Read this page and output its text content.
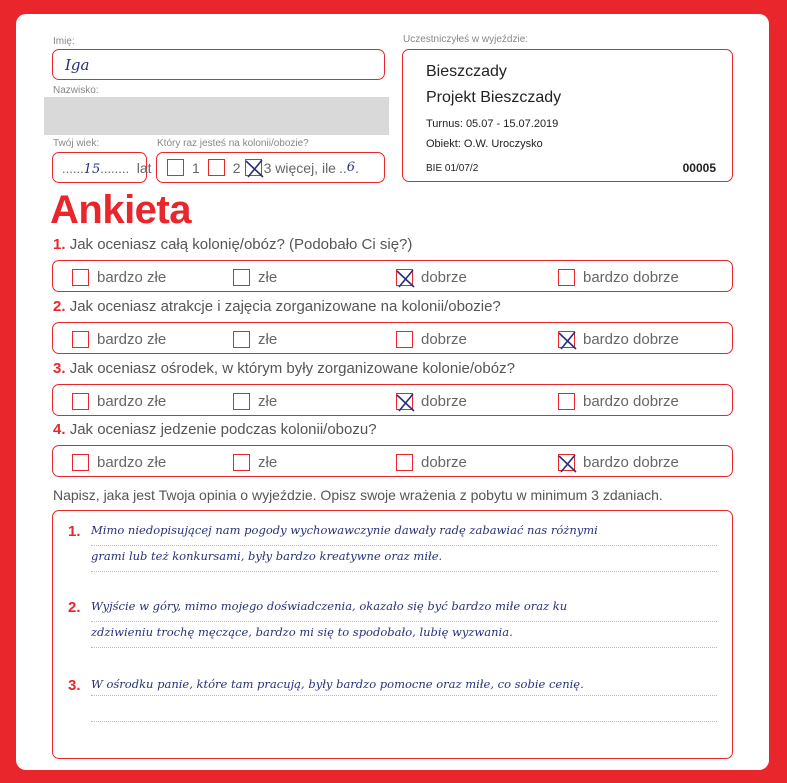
Imię:
Iga
Nazwisko:
Twój wiek:
......15........ lat
Który raz jesteś na kolonii/obozie?
1 2 3 więcej, ile .. 6 .
Uczestniczyłeś w wyjeździe:
Bieszczady
Projekt Bieszczady
Turnus: 05.07 - 15.07.2019
Obiekt: O.W. Uroczysko
BIE 01/07/2	00005
Ankieta
1. Jak oceniasz całą kolonię/obóz? (Podobało Ci się?)
bardzo złe	złe	dobrze	bardzo dobrze
2. Jak oceniasz atrakcje i zajęcia zorganizowane na kolonii/obozie?
bardzo złe	złe	dobrze	bardzo dobrze
3. Jak oceniasz ośrodek, w którym były zorganizowane kolonie/obóz?
bardzo złe	złe	dobrze	bardzo dobrze
4. Jak oceniasz jedzenie podczas kolonii/obozu?
bardzo złe	złe	dobrze	bardzo dobrze
Napisz, jaka jest Twoja opinia o wyjeździe. Opisz swoje wrażenia z pobytu w minimum 3 zdaniach.
1. Mimo niedopisującej nam pogody wychowawczynie dawały radę zabawiać nas różnymi
grami lub też konkursami, były bardzo kreatywne oraz miłe.
2. Wyjście w góry, mimo mojego doświadczenia, okazało się być bardzo miłe oraz ku
zdziwieniu trochę męczące, bardzo mi się to spodobało, lubię wyzwania.
3. W ośrodku panie, które tam pracują, były bardzo pomocne oraz miłe, co sobie cenię.
